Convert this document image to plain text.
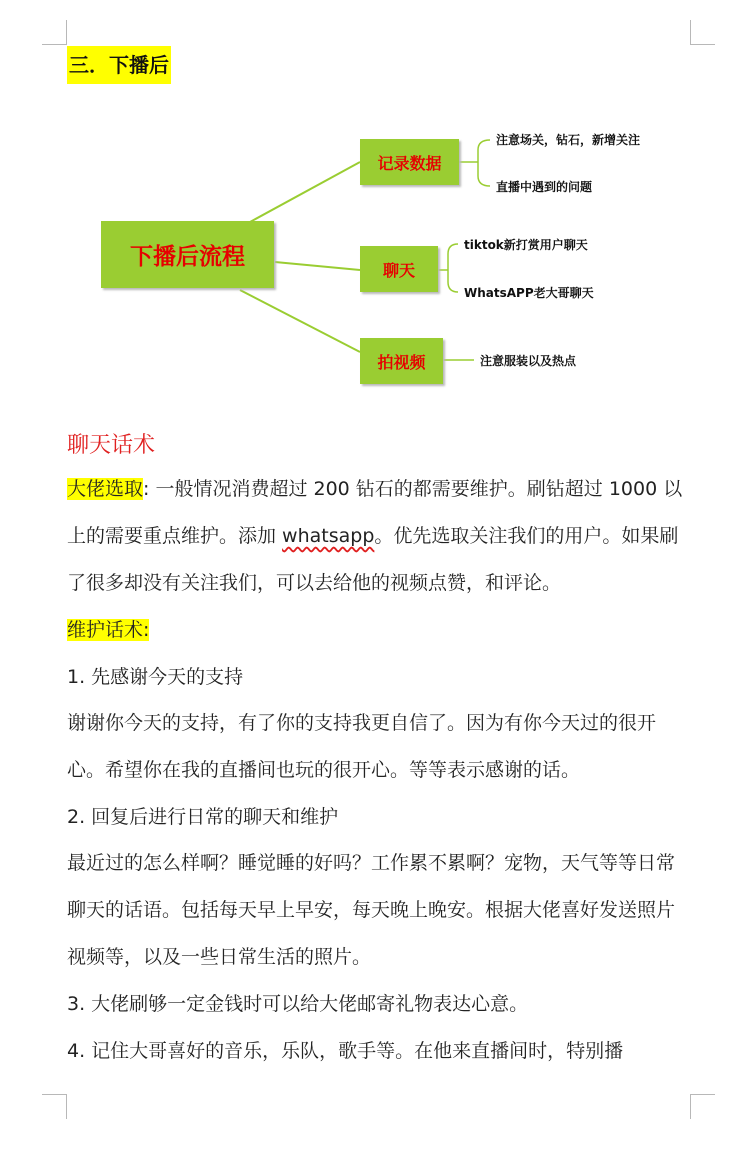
三．下播后
下播后流程
记录数据
注意场关，钻石，新增关注
直播中遇到的问题
聊天
tiktok新打赏用户聊天
WhatsAPP老大哥聊天
拍视频	注意服装以及热点
聊天话术
大佬选取: 一般情况消费超过 200 钻石的都需要维护。刷钻超过 1000 以上的需要重点维护。添加 whatsapp。优先选取关注我们的用户。如果刷了很多却没有关注我们，可以去给他的视频点赞，和评论。
维护话术:
1. 先感谢今天的支持
谢谢你今天的支持，有了你的支持我更自信了。因为有你今天过的很开心。希望你在我的直播间也玩的很开心。等等表示感谢的话。
2. 回复后进行日常的聊天和维护
最近过的怎么样啊？睡觉睡的好吗？工作累不累啊？宠物，天气等等日常聊天的话语。包括每天早上早安，每天晚上晚安。根据大佬喜好发送照片视频等，以及一些日常生活的照片。
3. 大佬刷够一定金钱时可以给大佬邮寄礼物表达心意。
4. 记住大哥喜好的音乐，乐队，歌手等。在他来直播间时，特别播
